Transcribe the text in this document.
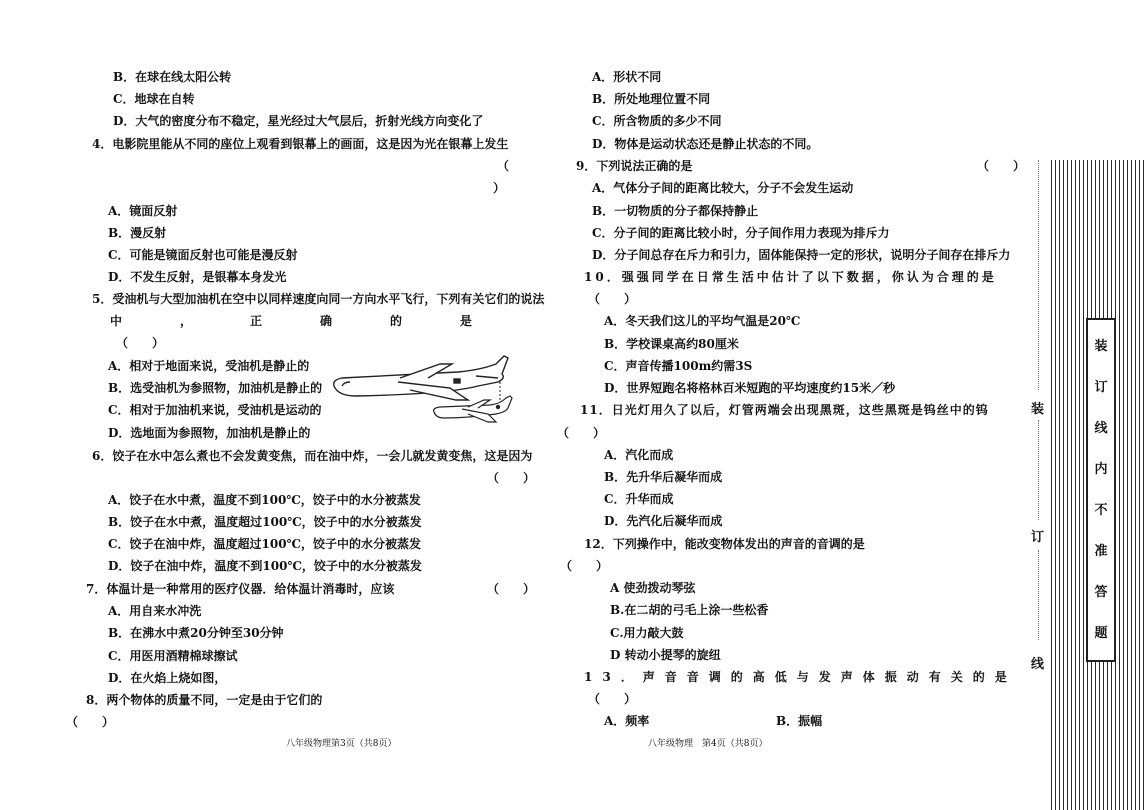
B．在球在线太阳公转
C．地球在自转
D．大气的密度分布不稳定，星光经过大气层后，折射光线方向变化了
4．电影院里能从不同的座位上观看到银幕上的画面，这是因为光在银幕上发生
（
）
A．镜面反射
B．漫反射
C．可能是镜面反射也可能是漫反射
D．不发生反射，是银幕本身发光
5．受油机与大型加油机在空中以同样速度向同一方向水平飞行，下列有关它们的说法
中	，	正	确	的	是
（　　）
A．相对于地面来说，受油机是静止的
B．选受油机为参照物，加油机是静止的
C．相对于加油机来说，受油机是运动的
D．选地面为参照物，加油机是静止的
6．饺子在水中怎么煮也不会发黄变焦，而在油中炸，一会儿就发黄变焦，这是因为
（　　）
A．饺子在水中煮，温度不到100℃，饺子中的水分被蒸发
B．饺子在水中煮，温度超过100℃，饺子中的水分被蒸发
C．饺子在油中炸，温度超过100℃，饺子中的水分被蒸发
D．饺子在油中炸，温度不到100℃，饺子中的水分被蒸发
7．体温计是一种常用的医疗仪器．给体温计消毒时，应该	（　　）
A．用自来水冲洗
B．在沸水中煮20分钟至30分钟
C．用医用酒精棉球擦试
D．在火焰上烧如图，
8．两个物体的质量不同，一定是由于它们的
（　　）
八年级物理第3页（共8页）
A．形状不同
B．所处地理位置不同
C．所含物质的多少不同
D．物体是运动状态还是静止状态的不同。
9．下列说法正确的是	（　　）
A．气体分子间的距离比较大，分子不会发生运动
B．一切物质的分子都保持静止
C．分子间的距离比较小时，分子间作用力表现为排斥力
D．分子间总存在斥力和引力，固体能保持一定的形状，说明分子间存在排斥力
10．强强同学在日常生活中估计了以下数据，你认为合理的是
（　　）
A．冬天我们这儿的平均气温是20℃
B．学校课桌高约80厘米
C．声音传播100m约需3S
D．世界短跑名将格林百米短跑的平均速度约15米／秒
11．日光灯用久了以后，灯管两端会出现黑斑，这些黑斑是钨丝中的钨
（　　）
A．汽化而成
B．先升华后凝华而成
C．升华而成
D．先汽化后凝华而成
12．下列操作中，能改变物体发出的声音的音调的是
（　　）
A 使劲拨动琴弦
B.在二胡的弓毛上涂一些松香
C.用力敲大鼓
D 转动小提琴的旋纽
13．声音音调的高低与发声体振动有关的是
（　　）
A．频率	B．振幅
八年级物理　第4页（共8页）
装
订
线
装
订
线
内
不
准
答
题
